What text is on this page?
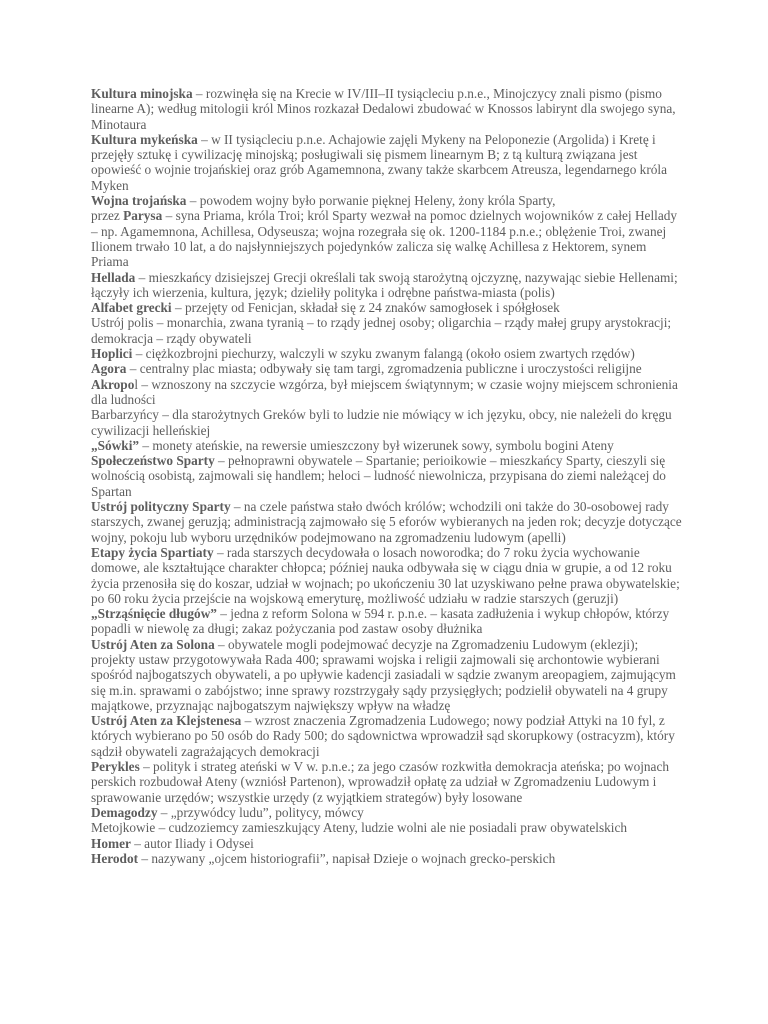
Kultura minojska – rozwinęła się na Krecie w IV/III–II tysiącleciu p.n.e., Minojczycy znali pismo (pismo linearne A); według mitologii król Minos rozkazał Dedalowi zbudować w Knossos labirynt dla swojego syna, Minotaura

Kultura mykeńska – w II tysiącleciu p.n.e. Achajowie zajęli Mykeny na Peloponezie (Argolida) i Kretę i przejęły sztukę i cywilizację minojską; posługiwali się pismem linearnym B; z tą kulturą związana jest opowieść o wojnie trojańskiej oraz grób Agamemnona, zwany także skarbcem Atreusza, legendarnego króla Myken

Wojna trojańska – powodem wojny było porwanie pięknej Heleny, żony króla Sparty,

przez Parysa – syna Priama, króla Troi; król Sparty wezwał na pomoc dzielnych wojowników z całej Hellady – np. Agamemnona, Achillesa, Odyseusza; wojna rozegrała się ok. 1200-1184 p.n.e.; oblężenie Troi, zwanej Ilionem trwało 10 lat, a do najsłynniejszych pojedynków zalicza się walkę Achillesa z Hektorem, synem Priama

Hellada – mieszkańcy dzisiejszej Grecji określali tak swoją starożytną ojczyznę, nazywając siebie Hellenami; łączyły ich wierzenia, kultura, język; dzieliły polityka i odrębne państwa-miasta (polis)

Alfabet grecki – przejęty od Fenicjan, składał się z 24 znaków samogłosek i spółgłosek

Ustrój polis – monarchia, zwana tyranią – to rządy jednej osoby; oligarchia – rządy małej grupy arystokracji; demokracja – rządy obywateli

Hoplici – ciężkozbrojni piechurzy, walczyli w szyku zwanym falangą (około osiem zwartych rzędów)

Agora – centralny plac miasta; odbywały się tam targi, zgromadzenia publiczne i uroczystości religijne

Akropol – wznoszony na szczycie wzgórza, był miejscem świątynnym; w czasie wojny miejscem schronienia dla ludności

Barbarzyńcy – dla starożytnych Greków byli to ludzie nie mówiący w ich języku, obcy, nie należeli do kręgu cywilizacji helleńskiej

„Sówki” – monety ateńskie, na rewersie umieszczony był wizerunek sowy, symbolu bogini Ateny

Społeczeństwo Sparty – pełnoprawni obywatele – Spartanie; perioikowie – mieszkańcy Sparty, cieszyli się wolnością osobistą, zajmowali się handlem; heloci – ludność niewolnicza, przypisana do ziemi należącej do Spartan

Ustrój polityczny Sparty – na czele państwa stało dwóch królów; wchodzili oni także do 30-osobowej rady starszych, zwanej geruzją; administracją zajmowało się 5 eforów wybieranych na jeden rok; decyzje dotyczące wojny, pokoju lub wyboru urzędników podejmowano na zgromadzeniu ludowym (apelli)

Etapy życia Spartiaty – rada starszych decydowała o losach noworodka; do 7 roku życia wychowanie domowe, ale kształtujące charakter chłopca; później nauka odbywała się w ciągu dnia w grupie, a od 12 roku życia przenosiła się do koszar, udział w wojnach; po ukończeniu 30 lat uzyskiwano pełne prawa obywatelskie; po 60 roku życia przejście na wojskową emeryturę, możliwość udziału w radzie starszych (geruzji)

„Strząśnięcie długów” – jedna z reform Solona w 594 r. p.n.e. – kasata zadłużenia i wykup chłopów, którzy popadli w niewolę za długi; zakaz pożyczania pod zastaw osoby dłużnika

Ustrój Aten za Solona – obywatele mogli podejmować decyzje na Zgromadzeniu Ludowym (eklezji); projekty ustaw przygotowywała Rada 400; sprawami wojska i religii zajmowali się archontowie wybierani spośród najbogatszych obywateli, a po upływie kadencji zasiadali w sądzie zwanym areopagiem, zajmującym się m.in. sprawami o zabójstwo; inne sprawy rozstrzygały sądy przysięgłych; podzielił obywateli na 4 grupy majątkowe, przyznając najbogatszym największy wpływ na władzę

Ustrój Aten za Klejstenesa – wzrost znaczenia Zgromadzenia Ludowego; nowy podział Attyki na 10 fyl, z których wybierano po 50 osób do Rady 500; do sądownictwa wprowadził sąd skorupkowy (ostracyzm), który sądził obywateli zagrażających demokracji

Perykles – polityk i strateg ateński w V w. p.n.e.; za jego czasów rozkwitła demokracja ateńska; po wojnach perskich rozbudował Ateny (wzniósł Partenon), wprowadził opłatę za udział w Zgromadzeniu Ludowym i sprawowanie urzędów; wszystkie urzędy (z wyjątkiem strategów) były losowane

Demagodzy – „przywódcy ludu”, politycy, mówcy

Metojkowie – cudzoziemcy zamieszkujący Ateny, ludzie wolni ale nie posiadali praw obywatelskich

Homer – autor Iliady i Odysei

Herodot – nazywany „ojcem historiografii”, napisał Dzieje o wojnach grecko-perskich
